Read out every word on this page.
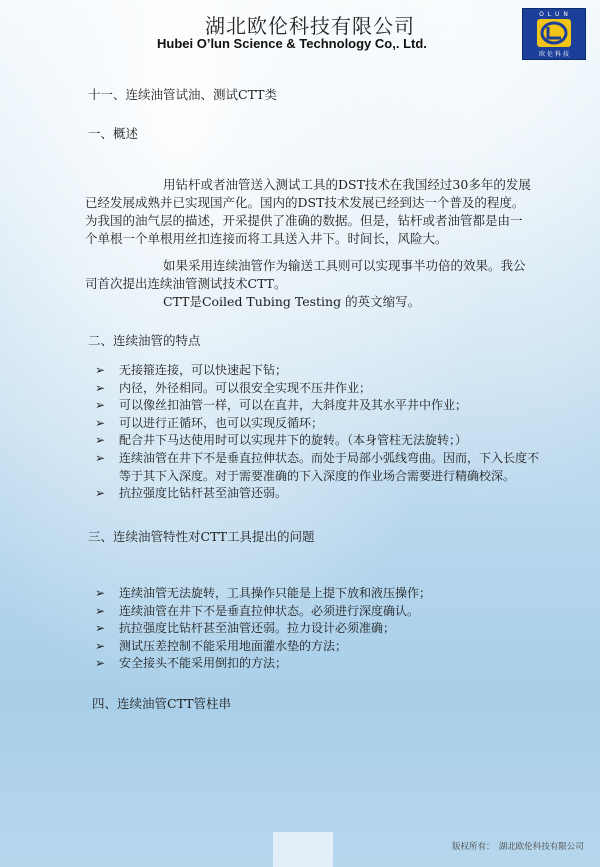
湖北欧伦科技有限公司
Hubei O’lun Science & Technology Co,. Ltd.
O L U N
欧 伦 科 技
十一、连续油管试油、测试CTT类
一、概述
用钻杆或者油管送入测试工具的DST技术在我国经过30多年的发展已经发展成熟并已实现国产化。国内的DST技术发展已经到达一个普及的程度。为我国的油气层的描述，开采提供了准确的数据。但是，钻杆或者油管都是由一个单根一个单根用丝扣连接而将工具送入井下。时间长，风险大。
如果采用连续油管作为输送工具则可以实现事半功倍的效果。我公司首次提出连续油管测试技术CTT。
CTT是Coiled Tubing Testing 的英文缩写。
二、连续油管的特点
➢ 无接箍连接，可以快速起下钻；
➢ 内径，外径相同。可以很安全实现不压井作业；
➢ 可以像丝扣油管一样，可以在直井，大斜度井及其水平井中作业；
➢ 可以进行正循环，也可以实现反循环；
➢ 配合井下马达使用时可以实现井下的旋转。（本身管柱无法旋转；）
➢ 连续油管在井下不是垂直拉伸状态。而处于局部小弧线弯曲。因而，下入长度不等于其下入深度。对于需要准确的下入深度的作业场合需要进行精确校深。
➢ 抗拉强度比钻杆甚至油管还弱。
三、连续油管特性对CTT工具提出的问题
➢ 连续油管无法旋转，工具操作只能是上提下放和液压操作；
➢ 连续油管在井下不是垂直拉伸状态。必须进行深度确认。
➢ 抗拉强度比钻杆甚至油管还弱。拉力设计必须准确；
➢ 测试压差控制不能采用地面灌水垫的方法；
➢ 安全接头不能采用倒扣的方法；
四、连续油管CTT管柱串
版权所有：　湖北欧伦科技有限公司
